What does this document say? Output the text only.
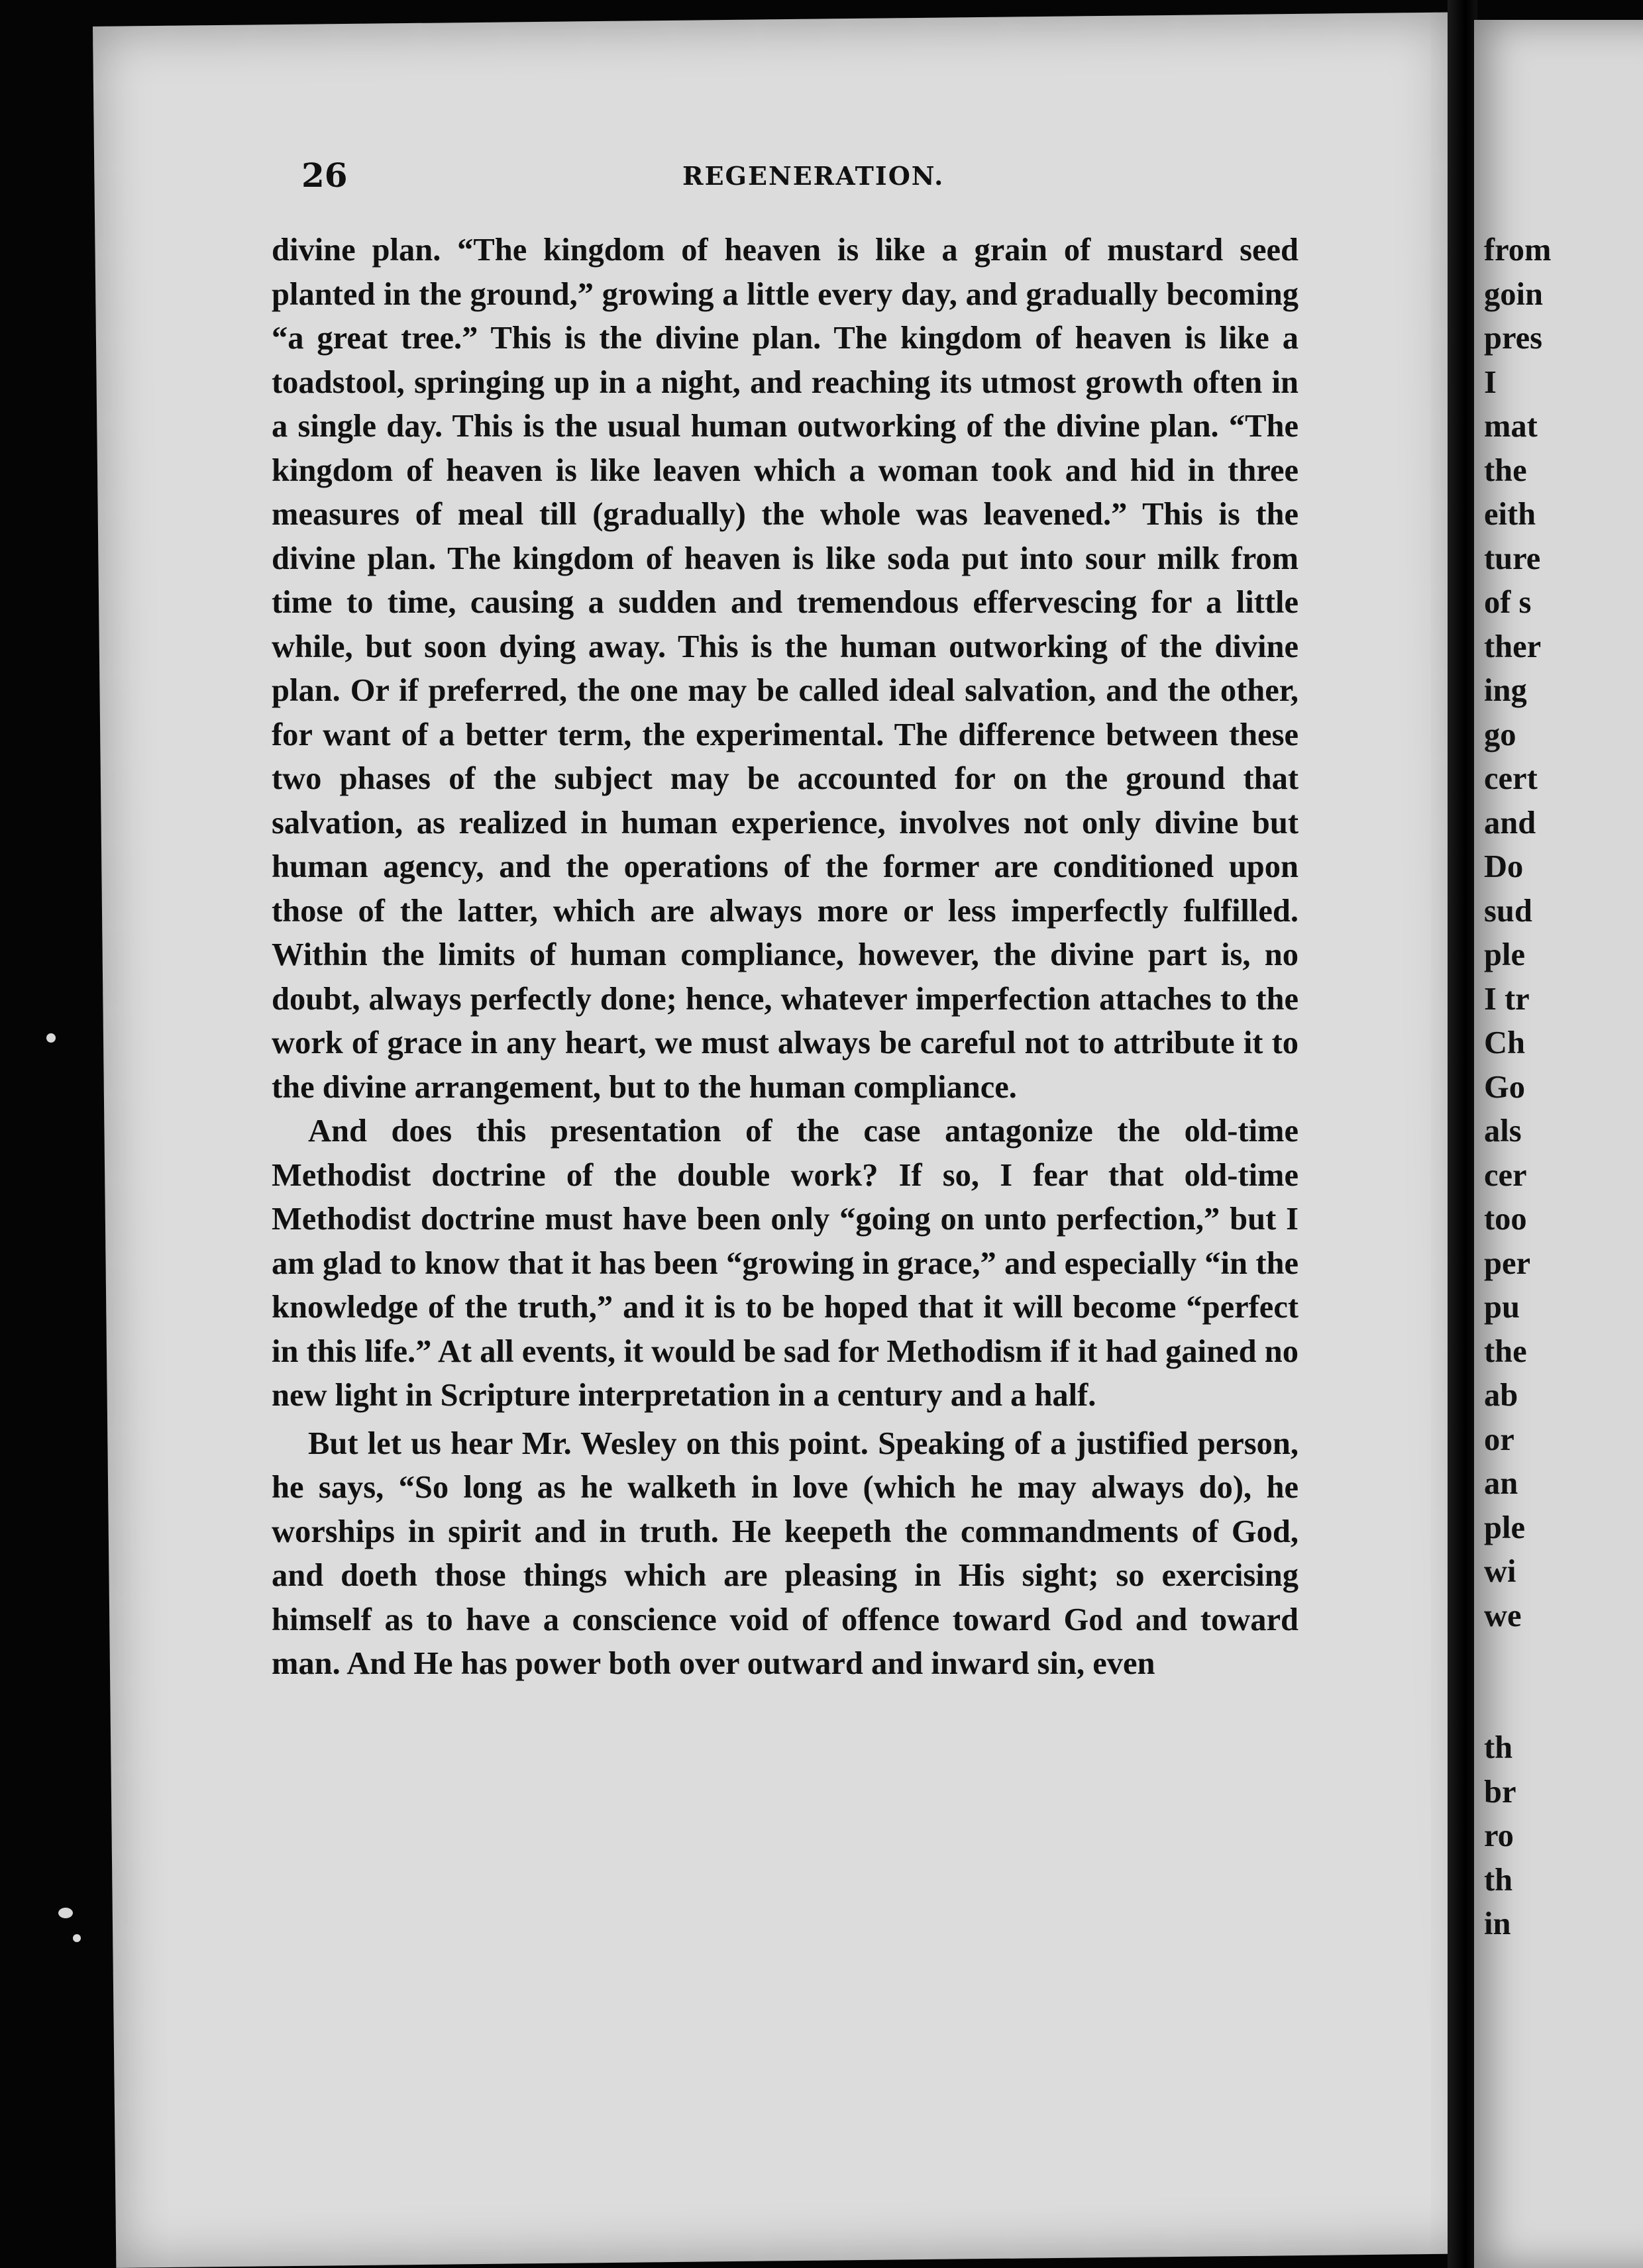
26	REGENERATION.

divine plan. “The kingdom of heaven is like a grain of mustard seed planted in the ground,” growing a little every day, and gradually becoming “a great tree.” This is the divine plan. The kingdom of heaven is like a toadstool, springing up in a night, and reaching its utmost growth often in a single day. This is the usual human outworking of the divine plan. “The kingdom of heaven is like leaven which a woman took and hid in three measures of meal till (gradually) the whole was leavened.” This is the divine plan. The kingdom of heaven is like soda put into sour milk from time to time, causing a sudden and tremendous effervescing for a little while, but soon dying away. This is the human outworking of the divine plan. Or if preferred, the one may be called ideal salvation, and the other, for want of a better term, the experimental. The difference between these two phases of the subject may be accounted for on the ground that salvation, as realized in human experience, involves not only divine but human agency, and the operations of the former are conditioned upon those of the latter, which are always more or less imperfectly fulfilled. Within the limits of human compliance, however, the divine part is, no doubt, always perfectly done; hence, whatever imperfection attaches to the work of grace in any heart, we must always be careful not to attribute it to the divine arrangement, but to the human compliance.

And does this presentation of the case antagonize the old-time Methodist doctrine of the double work? If so, I fear that old-time Methodist doctrine must have been only “going on unto perfection,” but I am glad to know that it has been “growing in grace,” and especially “in the knowledge of the truth,” and it is to be hoped that it will become “perfect in this life.” At all events, it would be sad for Methodism if it had gained no new light in Scripture interpretation in a century and a half.

But let us hear Mr. Wesley on this point. Speaking of a justified person, he says, “So long as he walketh in love (which he may always do), he worships in spirit and in truth. He keepeth the commandments of God, and doeth those things which are pleasing in His sight; so exercising himself as to have a conscience void of offence toward God and toward man. And He has power both over outward and inward sin, even

from
goin
pres
I
mat
the
eith
ture
of s
ther
ing
go
cert
and
Do
sud
ple
I tr
Ch
Go
als
cer
too
per
pu
the
ab
or
an
ple
wi
we
th
br
ro
th
in
